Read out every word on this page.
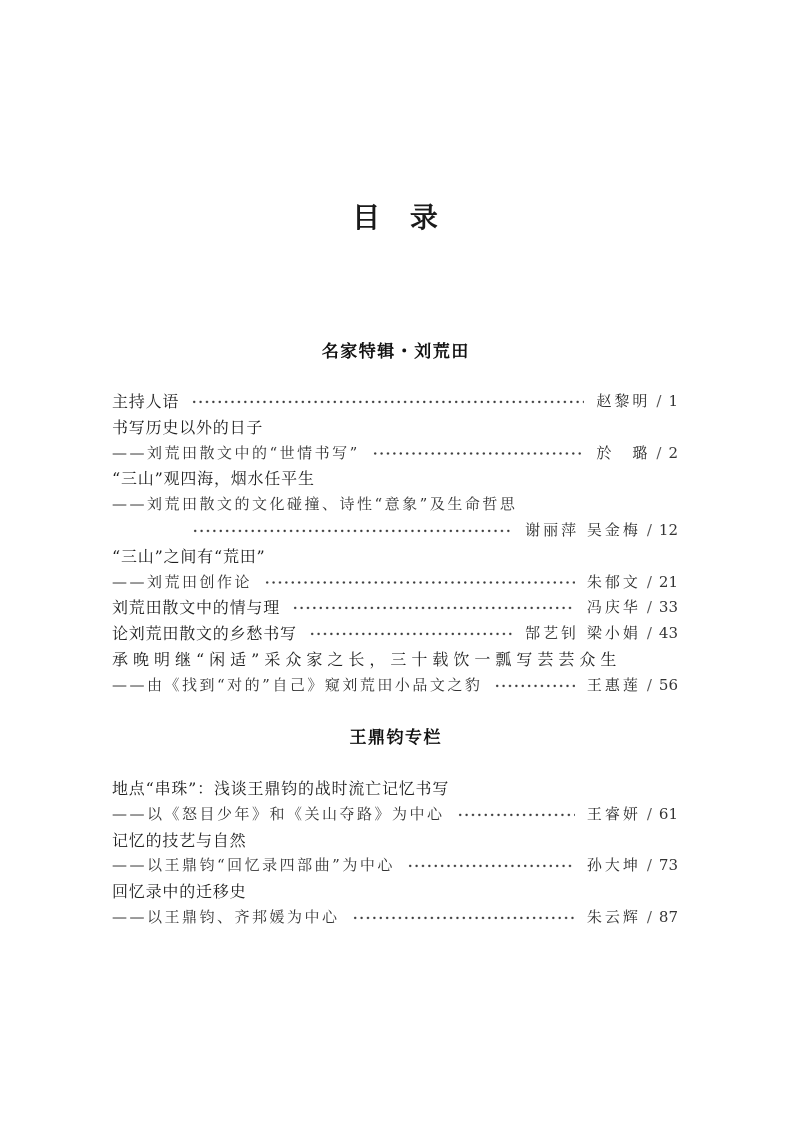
目 录
名家特辑・刘荒田
主持人语	赵黎明 / 1
书写历史以外的日子
——刘荒田散文中的“世情书写”	於　璐 / 2
“三山”观四海，烟水任平生
——刘荒田散文的文化碰撞、诗性“意象”及生命哲思
谢丽萍 吴金梅 / 12
“三山”之间有“荒田”
——刘荒田创作论	朱郁文 / 21
刘荒田散文中的情与理	冯庆华 / 33
论刘荒田散文的乡愁书写	郜艺钊 梁小娟 / 43
承晚明继“闲适”采众家之长，三十载饮一瓢写芸芸众生
——由《找到“对的”自己》窥刘荒田小品文之豹	王惠莲 / 56
王鼎钧专栏
地点“串珠”：浅谈王鼎钧的战时流亡记忆书写
——以《怒目少年》和《关山夺路》为中心	王睿妍 / 61
记忆的技艺与自然
——以王鼎钧“回忆录四部曲”为中心	孙大坤 / 73
回忆录中的迁移史
——以王鼎钧、齐邦媛为中心	朱云辉 / 87
